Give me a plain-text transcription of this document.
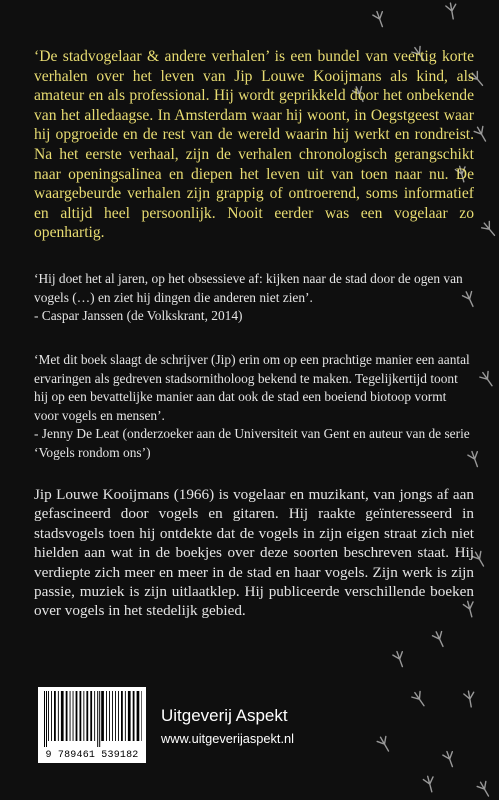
‘De stadvogelaar & andere verhalen’ is een bundel van veertig korte verhalen over het leven van Jip Louwe Kooijmans als kind, als amateur en als professional. Hij wordt geprikkeld door het onbekende van het alledaagse. In Amsterdam waar hij woont, in Oegstgeest waar hij opgroeide en de rest van de wereld waarin hij werkt en rondreist. Na het eerste verhaal, zijn de verhalen chronologisch gerangschikt naar openingsalinea en diepen het leven uit van toen naar nu. De waargebeurde verhalen zijn grappig of ontroerend, soms informatief en altijd heel persoonlijk. Nooit eerder was een vogelaar zo openhartig.

‘Hij doet het al jaren, op het obsessieve af: kijken naar de stad door de ogen van vogels (…) en ziet hij dingen die anderen niet zien’.
- Caspar Janssen (de Volkskrant, 2014)
‘Met dit boek slaagt de schrijver (Jip) erin om op een prachtige manier een aantal ervaringen als gedreven stadsornitholoog bekend te maken. Tegelijkertijd toont hij op een bevattelijke manier aan dat ook de stad een boeiend biotoop vormt voor vogels en mensen’.
- Jenny De Leat (onderzoeker aan de Universiteit van Gent en auteur van de serie ‘Vogels rondom ons’)

Jip Louwe Kooijmans (1966) is vogelaar en muzikant, van jongs af aan gefascineerd door vogels en gitaren. Hij raakte geïnteresseerd in stadsvogels toen hij ontdekte dat de vogels in zijn eigen straat zich niet hielden aan wat in de boekjes over deze soorten beschreven staat. Hij verdiepte zich meer en meer in de stad en haar vogels. Zijn werk is zijn passie, muziek is zijn uitlaatklep. Hij publiceerde verschillende boeken over vogels in het stedelijk gebied.

9 789461 539182
Uitgeverij Aspekt
www.uitgeverijaspekt.nl
